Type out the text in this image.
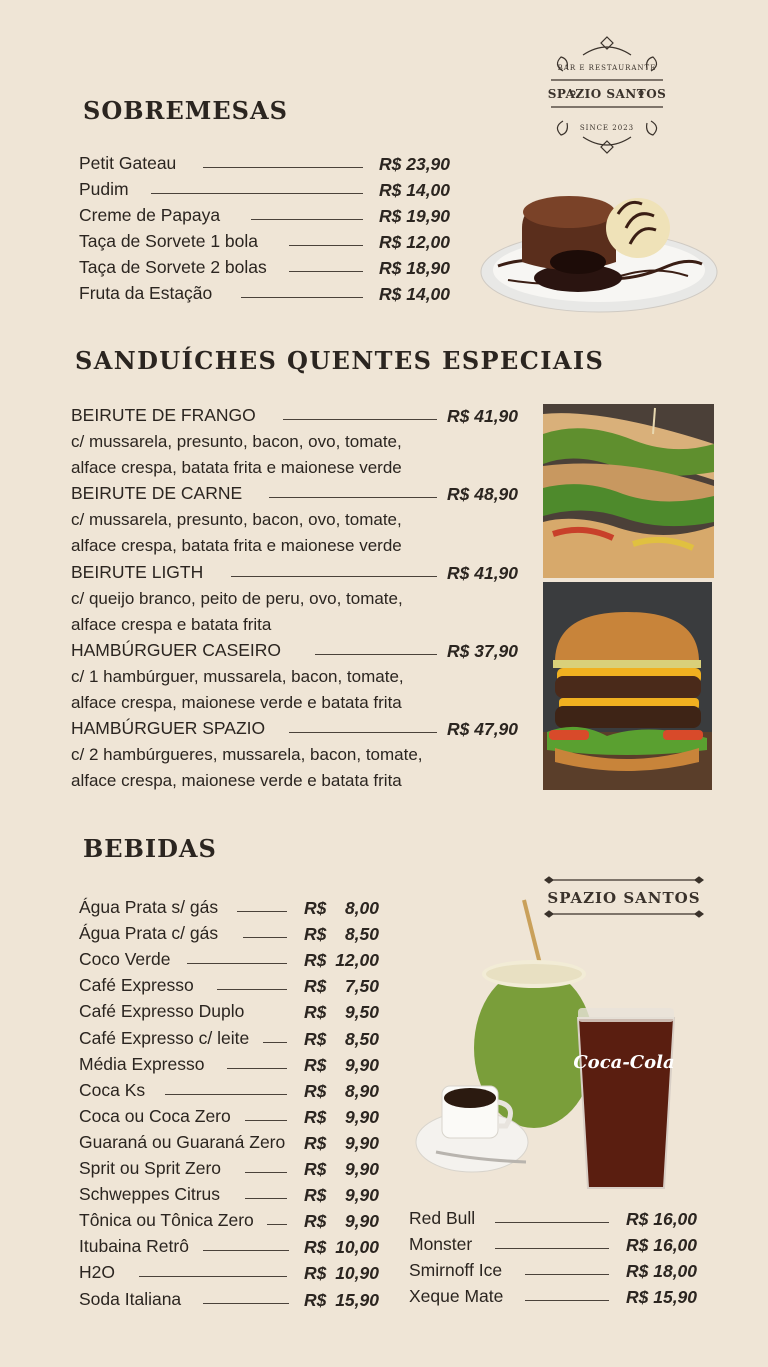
BAR E RESTAURANTE
SPAZIO SANTOS
SINCE 2023
SOBREMESAS
Petit Gateau	R$ 23,90
Pudim	R$ 14,00
Creme de Papaya	R$ 19,90
Taça de Sorvete 1 bola	R$ 12,00
Taça de Sorvete 2 bolas	R$ 18,90
Fruta da Estação	R$ 14,00
SANDUÍCHES QUENTES ESPECIAIS
BEIRUTE DE FRANGO	R$ 41,90
c/ mussarela, presunto, bacon, ovo, tomate,
alface crespa, batata frita e maionese verde
BEIRUTE DE CARNE	R$ 48,90
c/ mussarela, presunto, bacon, ovo, tomate,
alface crespa, batata frita e maionese verde
BEIRUTE LIGTH	R$ 41,90
c/ queijo branco, peito de peru, ovo, tomate,
alface crespa e batata frita
HAMBÚRGUER CASEIRO	R$ 37,90
c/ 1 hambúrguer, mussarela, bacon, tomate,
alface crespa, maionese verde e batata frita
HAMBÚRGUER SPAZIO	R$ 47,90
c/ 2 hambúrgueres, mussarela, bacon, tomate,
alface crespa, maionese verde e batata frita
BEBIDAS
Água Prata s/ gás	R$	8,00
Água Prata c/ gás	R$	8,50
Coco Verde	R$ 12,00
Café Expresso	R$	7,50
Café Expresso Duplo	R$	9,50
Café Expresso c/ leite	R$	8,50
Média Expresso	R$	9,90
Coca Ks	R$	8,90
Coca ou Coca Zero	R$	9,90
Guaraná ou Guaraná Zero R$	9,90
Sprit ou Sprit Zero	R$	9,90
Schweppes Citrus	R$	9,90
Tônica ou Tônica Zero	R$	9,90
Itubaina Retrô	R$ 10,00
H2O	R$ 10,90
Soda Italiana	R$ 15,90
Red Bull	R$ 16,00
Monster	R$ 16,00
Smirnoff Ice	R$ 18,00
Xeque Mate	R$ 15,90
SPAZIO SANTOS
Coca-Cola
